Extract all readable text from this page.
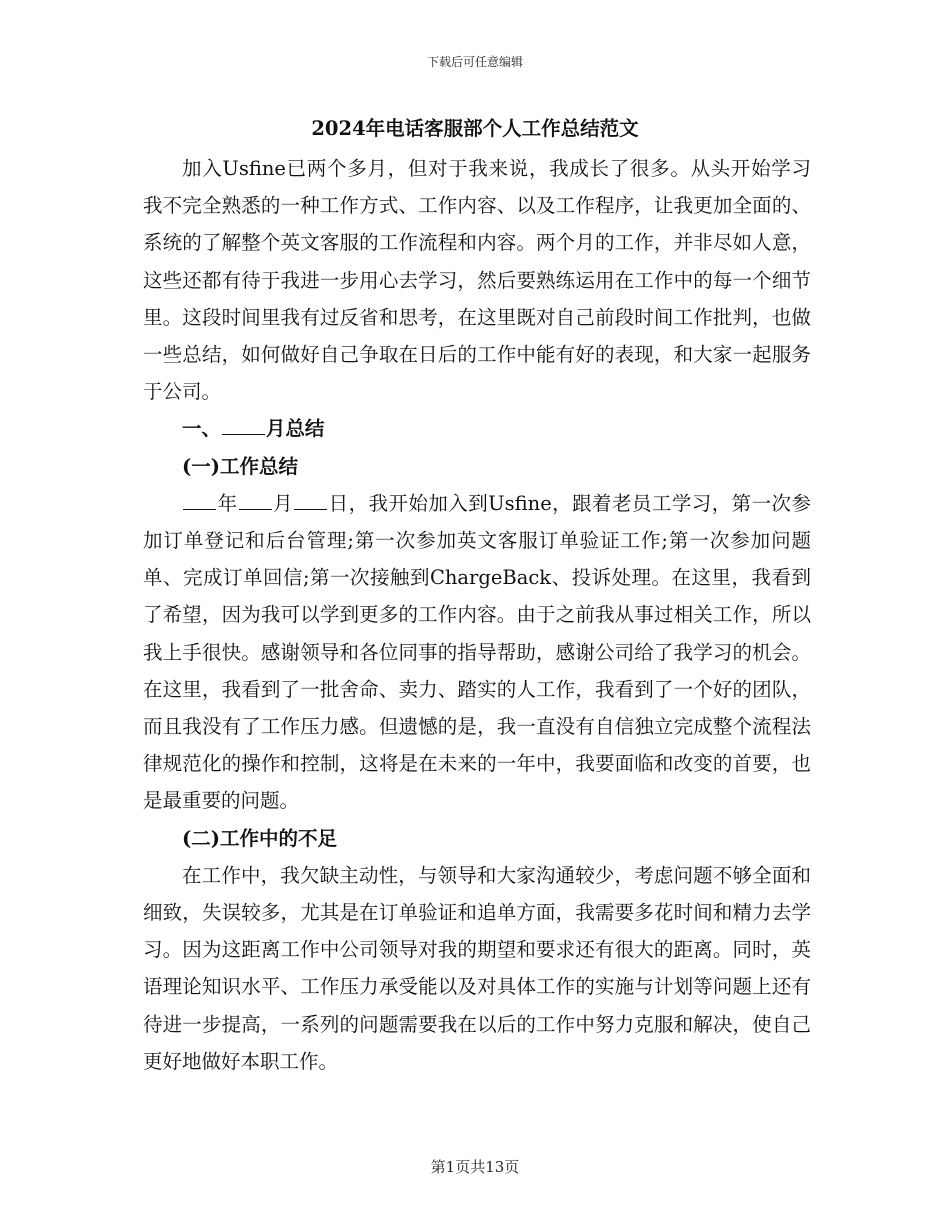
下载后可任意编辑
2024年电话客服部个人工作总结范文

加入Usfine已两个多月，但对于我来说，我成长了很多。从头开始学习我不完全熟悉的一种工作方式、工作内容、以及工作程序，让我更加全面的、系统的了解整个英文客服的工作流程和内容。两个月的工作，并非尽如人意，这些还都有待于我进一步用心去学习，然后要熟练运用在工作中的每一个细节里。这段时间里我有过反省和思考，在这里既对自己前段时间工作批判，也做一些总结，如何做好自己争取在日后的工作中能有好的表现，和大家一起服务于公司。

一、 月总结
(一)工作总结

年 月 日，我开始加入到Usfine，跟着老员工学习，第一次参加订单登记和后台管理;第一次参加英文客服订单验证工作;第一次参加问题单、完成订单回信;第一次接触到ChargeBack、投诉处理。在这里，我看到了希望，因为我可以学到更多的工作内容。由于之前我从事过相关工作，所以我上手很快。感谢领导和各位同事的指导帮助，感谢公司给了我学习的机会。在这里，我看到了一批舍命、卖力、踏实的人工作，我看到了一个好的团队，而且我没有了工作压力感。但遗憾的是，我一直没有自信独立完成整个流程法律规范化的操作和控制，这将是在未来的一年中，我要面临和改变的首要，也是最重要的问题。

(二)工作中的不足

在工作中，我欠缺主动性，与领导和大家沟通较少，考虑问题不够全面和细致，失误较多，尤其是在订单验证和追单方面，我需要多花时间和精力去学习。因为这距离工作中公司领导对我的期望和要求还有很大的距离。同时，英语理论知识水平、工作压力承受能以及对具体工作的实施与计划等问题上还有待进一步提高，一系列的问题需要我在以后的工作中努力克服和解决，使自己更好地做好本职工作。

第1页共13页
